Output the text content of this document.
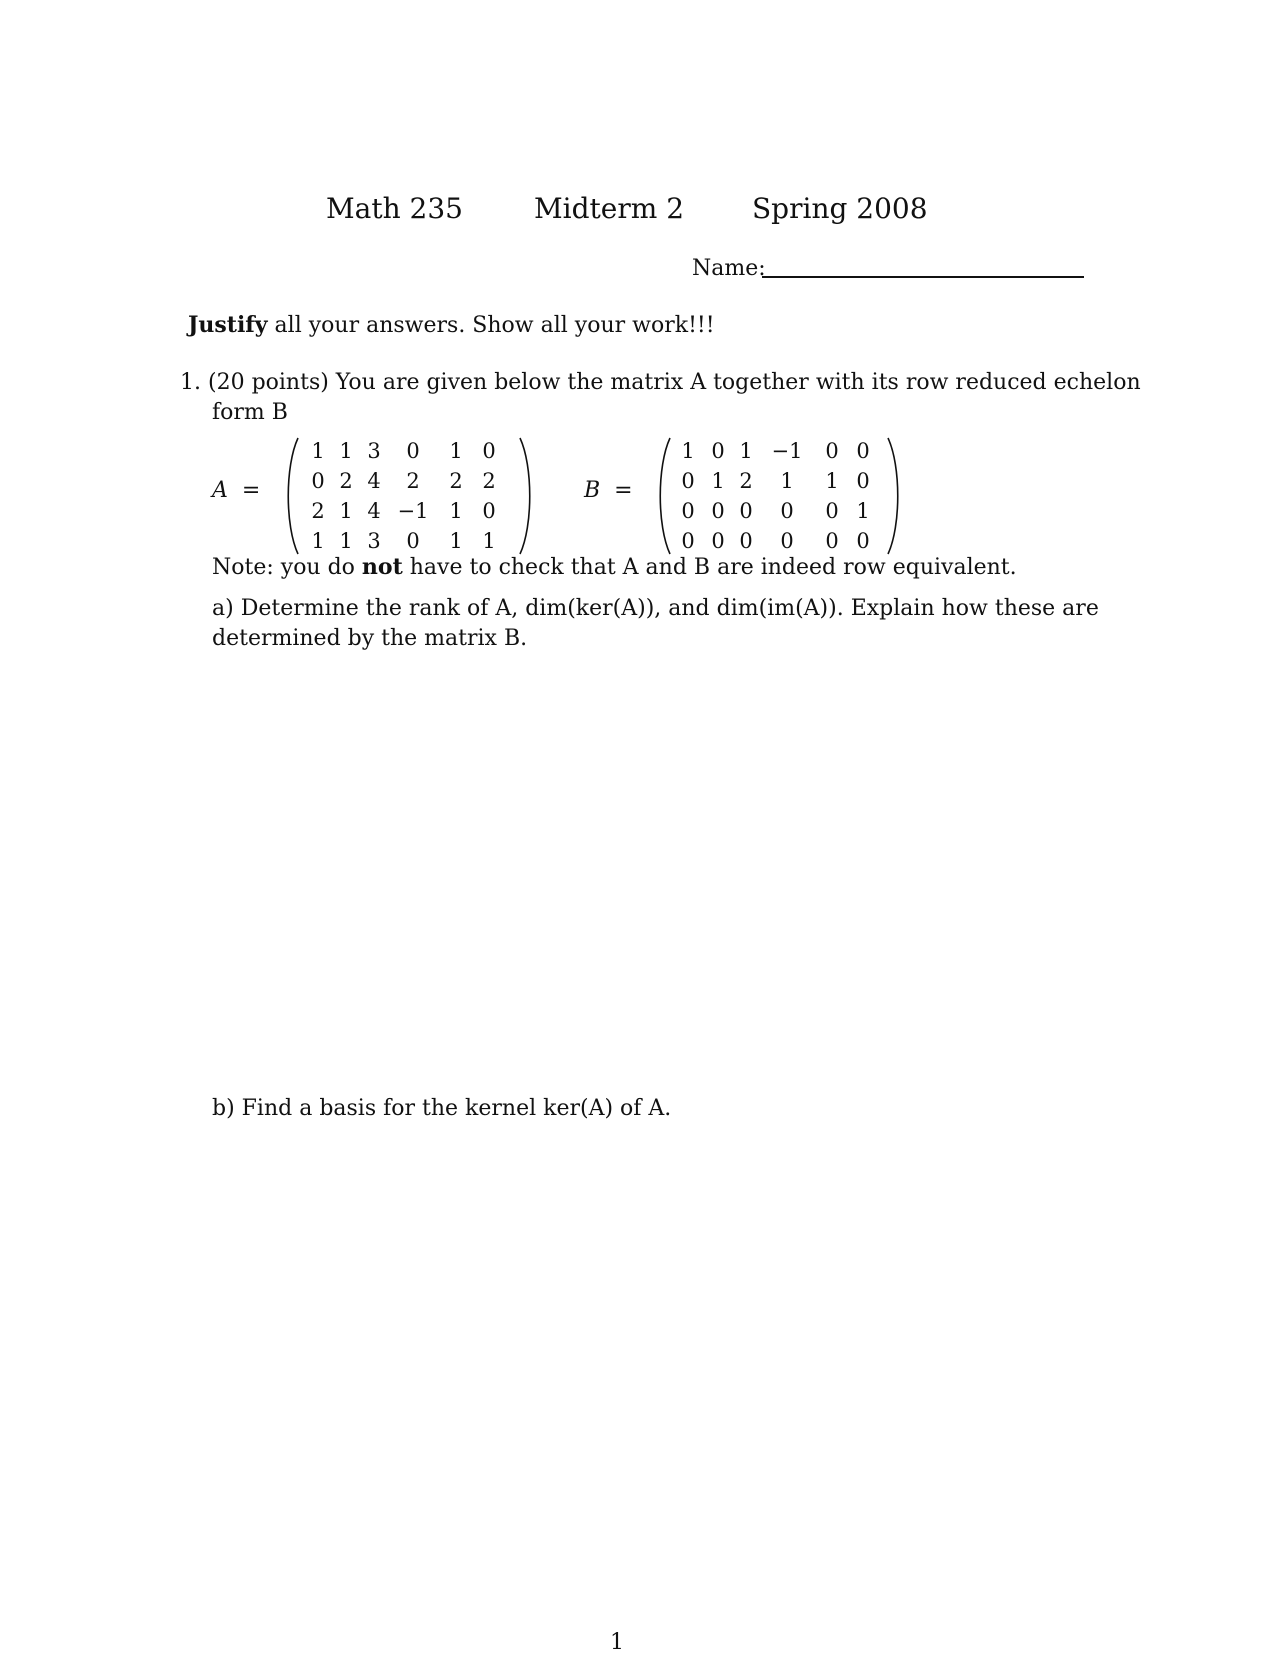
Math 235	Midterm 2 Spring 2008
Name:
Justify all your answers. Show all your work!!!
1. (20 points) You are given below the matrix A together with its row reduced echelon
form B
A =
1 1 3	0	1 0
0 2 4	2	2 2
2 1 4 −1 1 0
1 1 3	0	1 1
B =
1 0 1 −1	0 0
0 1 2	1	1 0
0 0 0	0	0 1
0 0 0	0	0 0
Note: you do not have to check that A and B are indeed row equivalent.
a) Determine the rank of A, dim(ker(A)), and dim(im(A)). Explain how these are
determined by the matrix B.
b) Find a basis for the kernel ker(A) of A.
1
